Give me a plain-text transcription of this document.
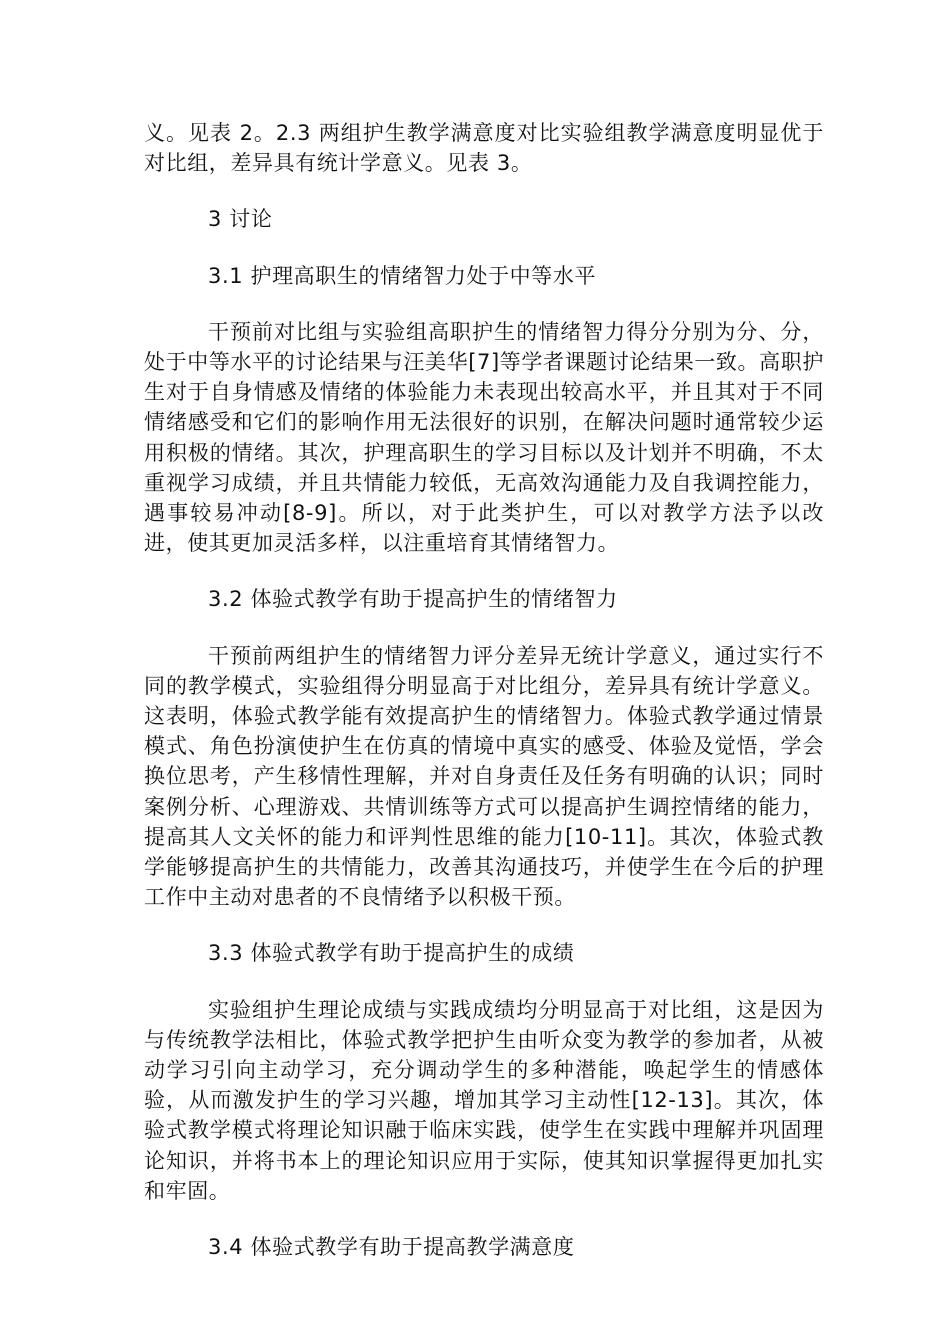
义。见表 2。2.3 两组护生教学满意度对比实验组教学满意度明显优于对比组，差异具有统计学意义。见表 3。

3 讨论

3.1 护理高职生的情绪智力处于中等水平

干预前对比组与实验组高职护生的情绪智力得分分别为分、分，处于中等水平的讨论结果与汪美华[7]等学者课题讨论结果一致。高职护生对于自身情感及情绪的体验能力未表现出较高水平，并且其对于不同情绪感受和它们的影响作用无法很好的识别，在解决问题时通常较少运用积极的情绪。其次，护理高职生的学习目标以及计划并不明确，不太重视学习成绩，并且共情能力较低，无高效沟通能力及自我调控能力，遇事较易冲动[8-9]。所以，对于此类护生，可以对教学方法予以改进，使其更加灵活多样，以注重培育其情绪智力。

3.2 体验式教学有助于提高护生的情绪智力

干预前两组护生的情绪智力评分差异无统计学意义，通过实行不同的教学模式，实验组得分明显高于对比组分，差异具有统计学意义。这表明，体验式教学能有效提高护生的情绪智力。体验式教学通过情景模式、角色扮演使护生在仿真的情境中真实的感受、体验及觉悟，学会换位思考，产生移情性理解，并对自身责任及任务有明确的认识；同时案例分析、心理游戏、共情训练等方式可以提高护生调控情绪的能力，提高其人文关怀的能力和评判性思维的能力[10-11]。其次，体验式教学能够提高护生的共情能力，改善其沟通技巧，并使学生在今后的护理工作中主动对患者的不良情绪予以积极干预。

3.3 体验式教学有助于提高护生的成绩

实验组护生理论成绩与实践成绩均分明显高于对比组，这是因为与传统教学法相比，体验式教学把护生由听众变为教学的参加者，从被动学习引向主动学习，充分调动学生的多种潜能，唤起学生的情感体验，从而激发护生的学习兴趣，增加其学习主动性[12-13]。其次，体验式教学模式将理论知识融于临床实践，使学生在实践中理解并巩固理论知识，并将书本上的理论知识应用于实际，使其知识掌握得更加扎实和牢固。

3.4 体验式教学有助于提高教学满意度
